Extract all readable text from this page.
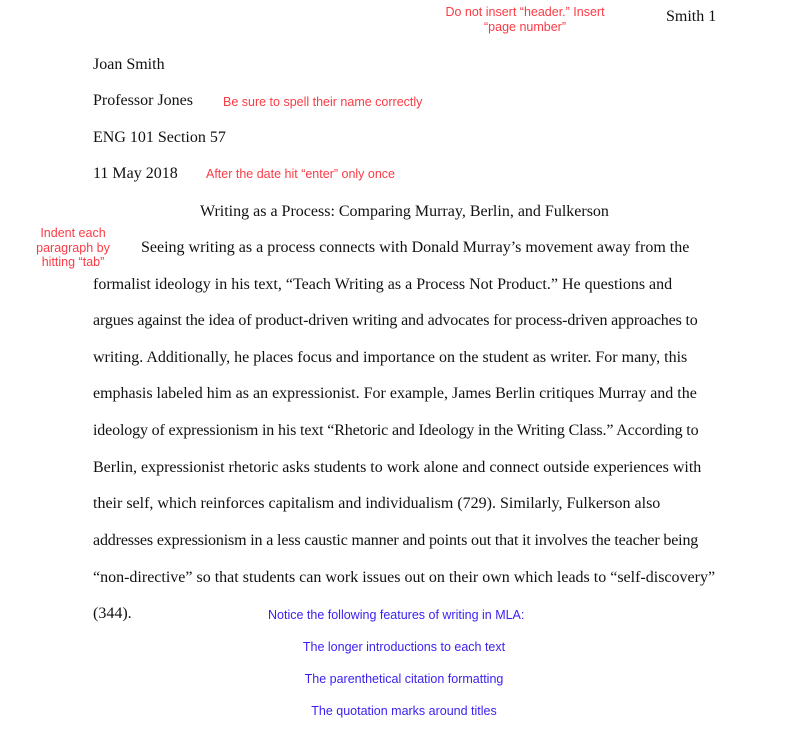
Do not insert “header.” Insert
“page number”
Smith 1
Joan Smith
Professor Jones Be sure to spell their name correctly
ENG 101 Section 57
11 May 2018 After the date hit “enter” only once
Writing as a Process: Comparing Murray, Berlin, and Fulkerson
Indent each
paragraph by
hitting “tab”
Seeing writing as a process connects with Donald Murray’s movement away from the
formalist ideology in his text, “Teach Writing as a Process Not Product.” He questions and
argues against the idea of product-driven writing and advocates for process-driven approaches to
writing. Additionally, he places focus and importance on the student as writer. For many, this
emphasis labeled him as an expressionist. For example, James Berlin critiques Murray and the
ideology of expressionism in his text “Rhetoric and Ideology in the Writing Class.” According to
Berlin, expressionist rhetoric asks students to work alone and connect outside experiences with
their self, which reinforces capitalism and individualism (729). Similarly, Fulkerson also
addresses expressionism in a less caustic manner and points out that it involves the teacher being
“non-directive” so that students can work issues out on their own which leads to “self-discovery”
(344).	Notice the following features of writing in MLA:
The longer introductions to each text
The parenthetical citation formatting
The quotation marks around titles
